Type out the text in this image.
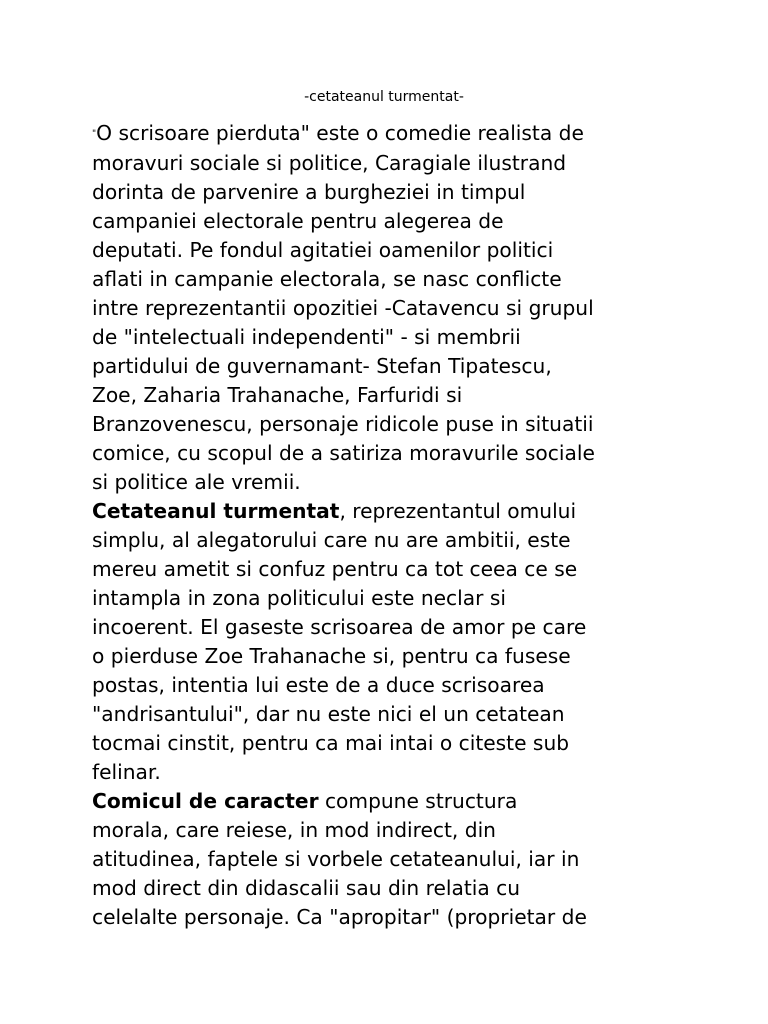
-cetateanul turmentat-

"O scrisoare pierduta" este o comedie realista de
moravuri sociale si politice, Caragiale ilustrand
dorinta de parvenire a burgheziei in timpul
campaniei electorale pentru alegerea de
deputati. Pe fondul agitatiei oamenilor politici
aflati in campanie electorala, se nasc conflicte
intre reprezentantii opozitiei -Catavencu si grupul
de "intelectuali independenti" - si membrii
partidului de guvernamant- Stefan Tipatescu,
Zoe, Zaharia Trahanache, Farfuridi si
Branzovenescu, personaje ridicole puse in situatii
comice, cu scopul de a satiriza moravurile sociale
si politice ale vremii.

Cetateanul turmentat, reprezentantul omului
simplu, al alegatorului care nu are ambitii, este
mereu ametit si confuz pentru ca tot ceea ce se
intampla in zona politicului este neclar si
incoerent. El gaseste scrisoarea de amor pe care
o pierduse Zoe Trahanache si, pentru ca fusese
postas, intentia lui este de a duce scrisoarea
"andrisantului", dar nu este nici el un cetatean
tocmai cinstit, pentru ca mai intai o citeste sub
felinar.

Comicul de caracter compune structura
morala, care reiese, in mod indirect, din
atitudinea, faptele si vorbele cetateanului, iar in
mod direct din didascalii sau din relatia cu
celelalte personaje. Ca "apropitar" (proprietar de
